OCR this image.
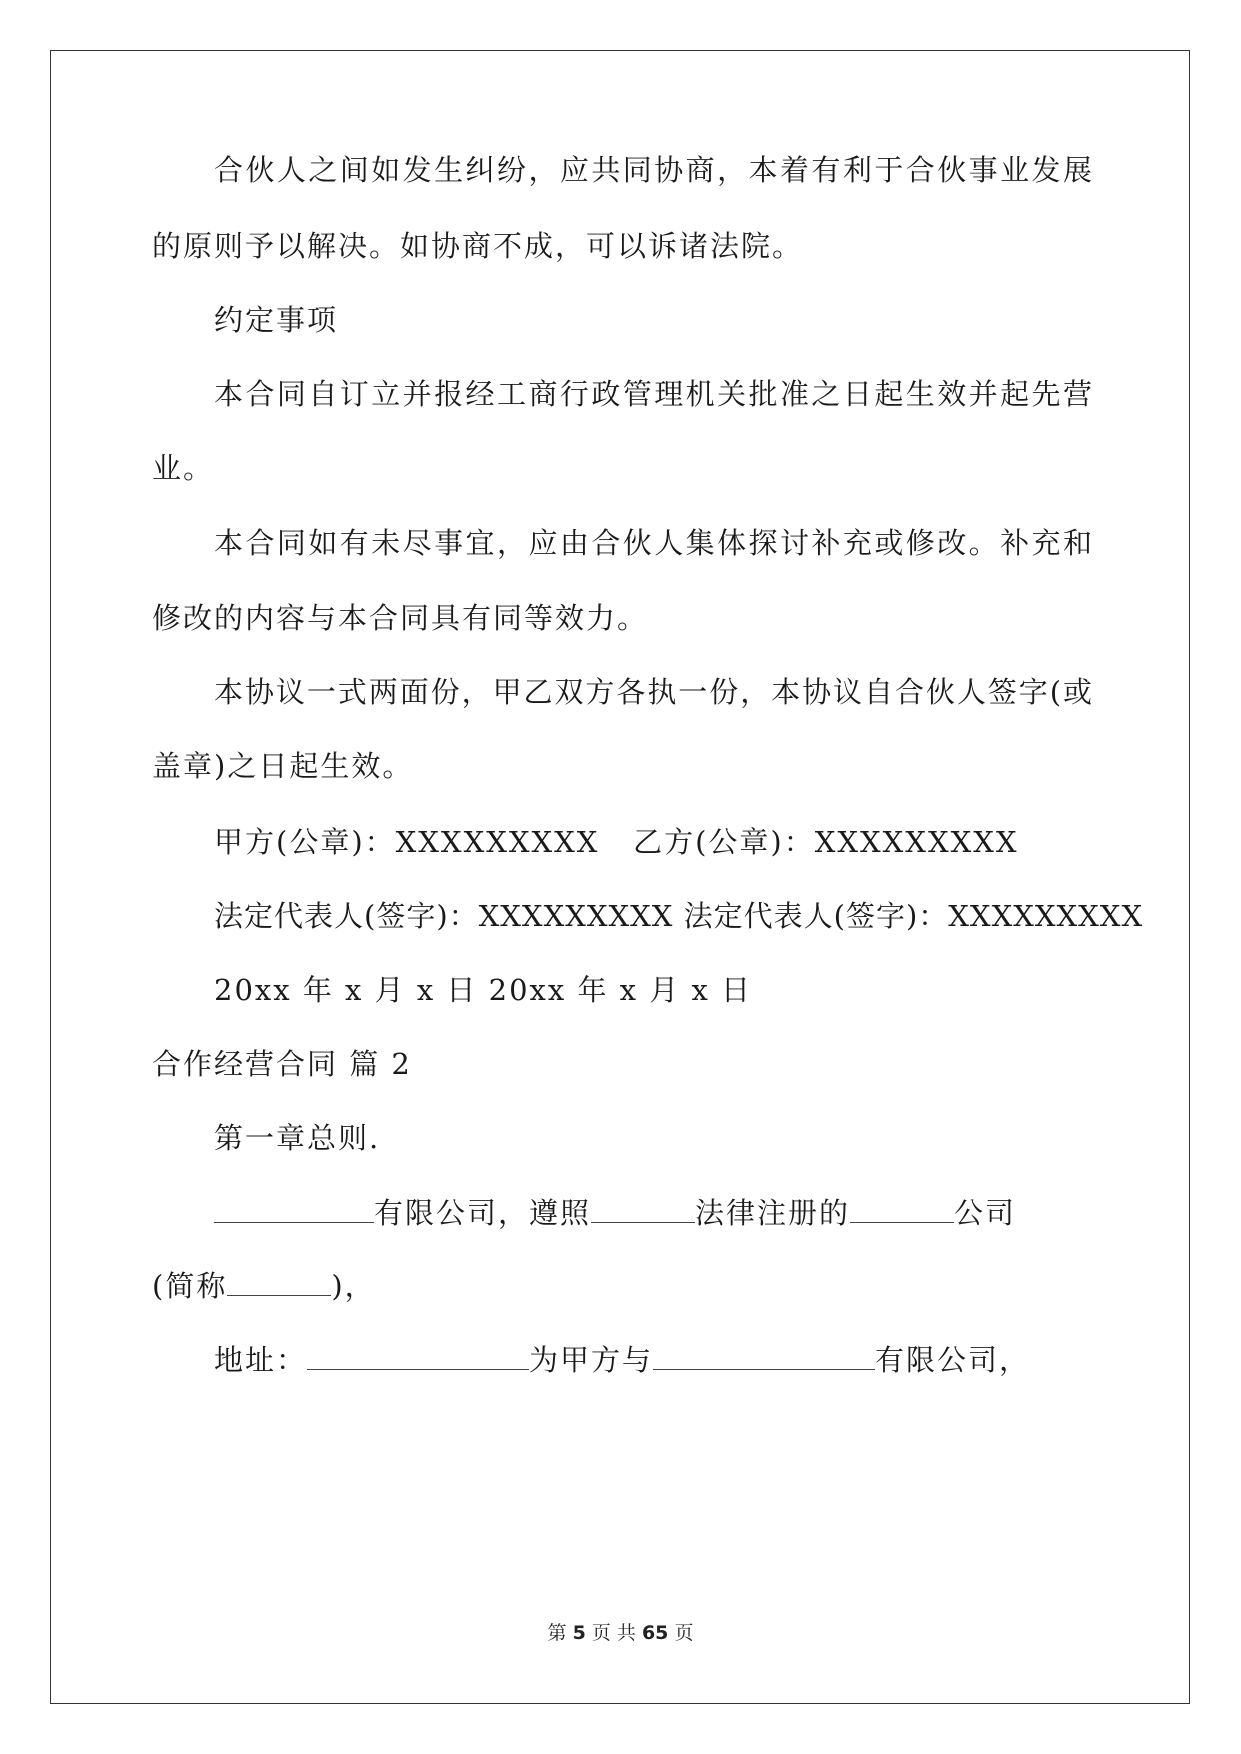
合伙人之间如发生纠纷，应共同协商，本着有利于合伙事业发展
的原则予以解决。如协商不成，可以诉诸法院。
约定事项
本合同自订立并报经工商行政管理机关批准之日起生效并起先营
业。
本合同如有未尽事宜，应由合伙人集体探讨补充或修改。补充和
修改的内容与本合同具有同等效力。
本协议一式两面份，甲乙双方各执一份，本协议自合伙人签字(或
盖章)之日起生效。
甲方(公章)：XXXXXXXXX   乙方(公章)：XXXXXXXXX
法定代表人(签字)：XXXXXXXXX 法定代表人(签字)：XXXXXXXXX
20xx 年 x 月 x 日 20xx 年 x 月 x 日
合作经营合同 篇 2
第一章总则.
有限公司，遵照	法律注册的	公司
(简称	)，
地址：	为甲方与	有限公司，
第 5 页 共 65 页
